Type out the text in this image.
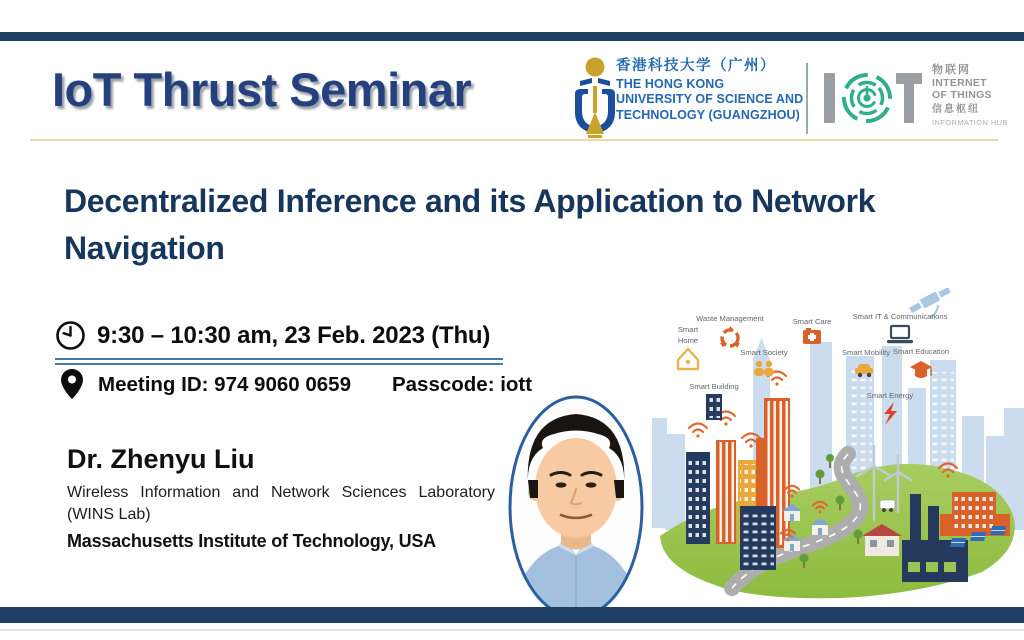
IoT Thrust Seminar	香港科技大学（广州）
THE HONG KONG
UNIVERSITY OF SCIENCE AND
TECHNOLOGY (GUANGZHOU)
物联网
INTERNET
OF THINGS
信息枢纽
INFORMATION HUB
Decentralized Inference and its Application to Network Navigation
9:30 – 10:30 am, 23 Feb. 2023 (Thu)
Meeting ID: 974 9060 0659 Passcode: iott
Dr. Zhenyu Liu
Wireless Information and Network Sciences Laboratory (WINS Lab)
Massachusetts Institute of Technology, USA
Smart
Home
Waste Management	Smart Care
Smart IT & Communications
Smart Society	Smart Mobility Smart Education
Smart Building
Smart Energy
